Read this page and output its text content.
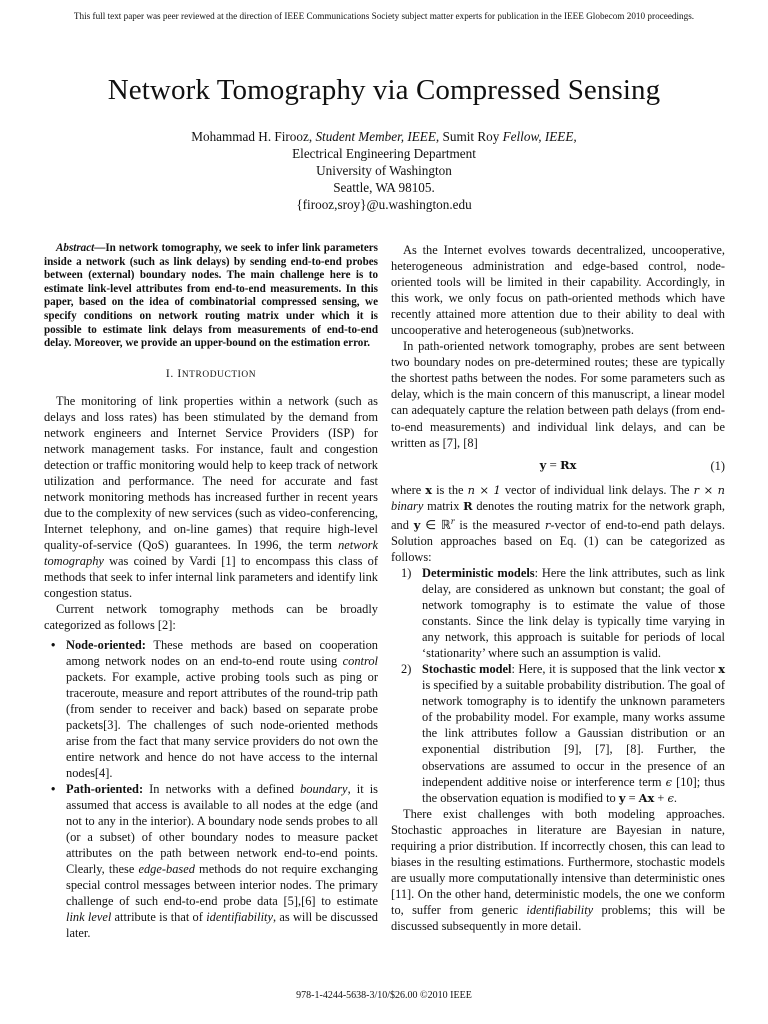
This full text paper was peer reviewed at the direction of IEEE Communications Society subject matter experts for publication in the IEEE Globecom 2010 proceedings.
Network Tomography via Compressed Sensing
Mohammad H. Firooz, Student Member, IEEE, Sumit Roy Fellow, IEEE,
Electrical Engineering Department
University of Washington
Seattle, WA 98105.
{firooz,sroy}@u.washington.edu

Abstract—In network tomography, we seek to infer link parameters inside a network (such as link delays) by sending end-to-end probes between (external) boundary nodes. The main challenge here is to estimate link-level attributes from end-to-end measurements. In this paper, based on the idea of combinatorial compressed sensing, we specify conditions on network routing matrix under which it is possible to estimate link delays from measurements of end-to-end delay. Moreover, we provide an upper-bound on the estimation error.

I. INTRODUCTION

The monitoring of link properties within a network (such as delays and loss rates) has been stimulated by the demand from network engineers and Internet Service Providers (ISP) for network management tasks. For instance, fault and congestion detection or traffic monitoring would help to keep track of network utilization and performance. The need for accurate and fast network monitoring methods has increased further in recent years due to the complexity of new services (such as video-conferencing, Internet telephony, and on-line games) that require high-level quality-of-service (QoS) guarantees. In 1996, the term network tomography was coined by Vardi [1] to encompass this class of methods that seek to infer internal link parameters and identify link congestion status.

Current network tomography methods can be broadly categorized as follows [2]:

• Node-oriented: These methods are based on cooperation among network nodes on an end-to-end route using control packets. For example, active probing tools such as ping or traceroute, measure and report attributes of the round-trip path (from sender to receiver and back) based on separate probe packets[3]. The challenges of such node-oriented methods arise from the fact that many service providers do not own the entire network and hence do not have access to the internal nodes[4].
• Path-oriented: In networks with a defined boundary, it is assumed that access is available to all nodes at the edge (and not to any in the interior). A boundary node sends probes to all (or a subset) of other boundary nodes to measure packet attributes on the path between network end-to-end points. Clearly, these edge-based methods do not require exchanging special control messages between interior nodes. The primary challenge of such end-to-end probe data [5],[6] to estimate link level attribute is that of identifiability, as will be discussed later.

As the Internet evolves towards decentralized, uncooperative, heterogeneous administration and edge-based control, node-oriented tools will be limited in their capability. Accordingly, in this work, we only focus on path-oriented methods which have recently attained more attention due to their ability to deal with uncooperative and heterogeneous (sub)networks.

In path-oriented network tomography, probes are sent between two boundary nodes on pre-determined routes; these are typically the shortest paths between the nodes. For some parameters such as delay, which is the main concern of this manuscript, a linear model can adequately capture the relation between path delays (from end-to-end measurements) and individual link delays, and can be written as [7], [8]

y = Rx	(1)

where x is the n × 1 vector of individual link delays. The r × n binary matrix R denotes the routing matrix for the network graph, and y ∈ ℝ$^r$ is the measured r-vector of end-to-end path delays. Solution approaches based on Eq. (1) can be categorized as follows:

1) Deterministic models: Here the link attributes, such as link delay, are considered as unknown but constant; the goal of network tomography is to estimate the value of those constants. Since the link delay is typically time varying in any network, this approach is suitable for periods of local ‘stationarity’ where such an assumption is valid.
2) Stochastic model: Here, it is supposed that the link vector x is specified by a suitable probability distribution. The goal of network tomography is to identify the unknown parameters of the probability model. For example, many works assume the link attributes follow a Gaussian distribution or an exponential distribution [9], [7], [8]. Further, the observations are assumed to occur in the presence of an independent additive noise or interference term ϵ [10]; thus the observation equation is modified to y = Ax + ϵ.

There exist challenges with both modeling approaches. Stochastic approaches in literature are Bayesian in nature, requiring a prior distribution. If incorrectly chosen, this can lead to biases in the resulting estimations. Furthermore, stochastic models are usually more computationally intensive than deterministic ones [11]. On the other hand, deterministic models, the one we conform to, suffer from generic identifiability problems; this will be discussed subsequently in more detail.

978-1-4244-5638-3/10/$26.00 ©2010 IEEE
